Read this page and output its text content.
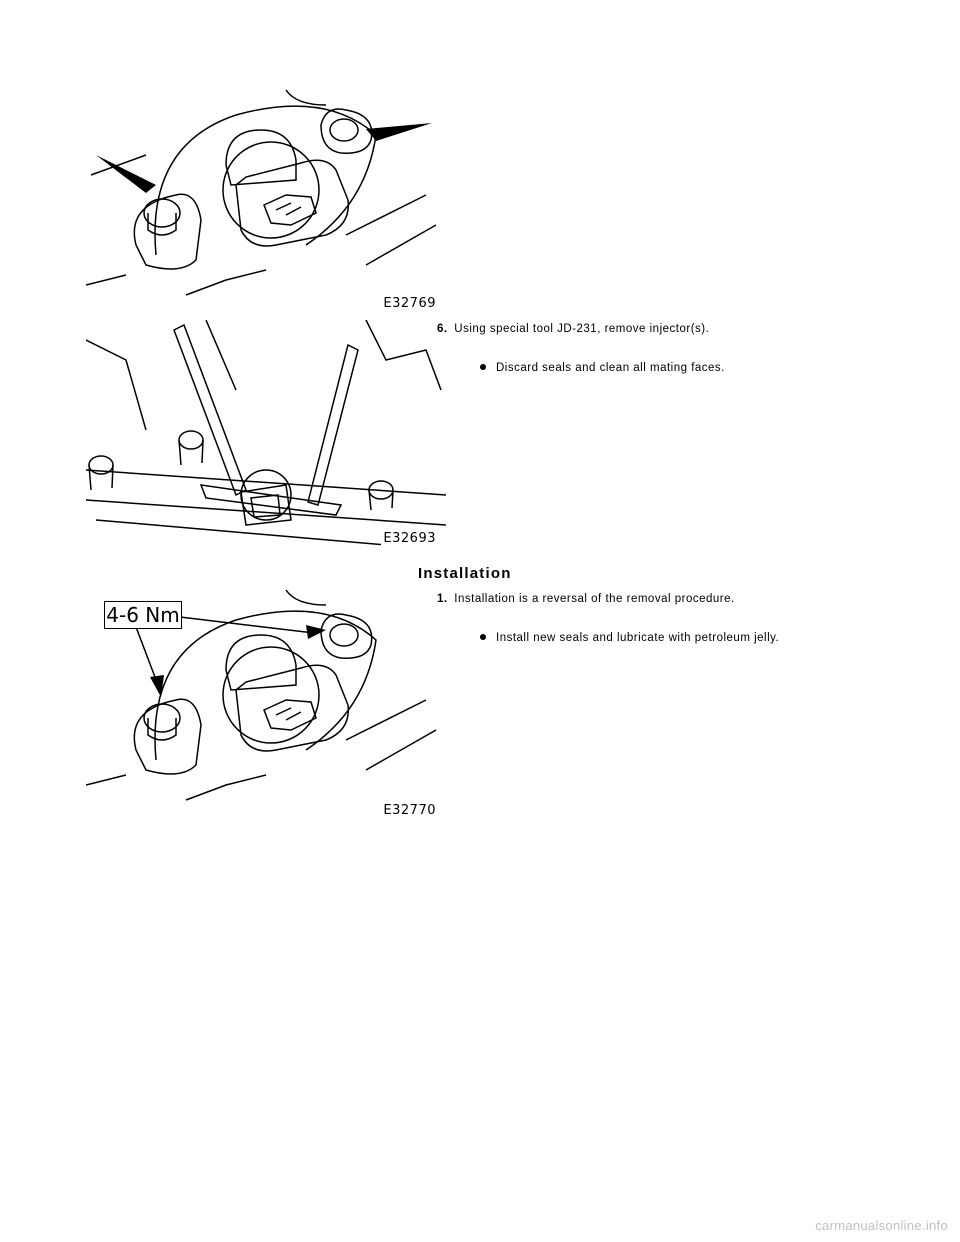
E32769
E32693
6. Using special tool JD-231, remove injector(s).
Discard seals and clean all mating faces.
Installation
1. Installation is a reversal of the removal procedure.
Install new seals and lubricate with petroleum jelly.
4-6 Nm
E32770
carmanualsonline.info
